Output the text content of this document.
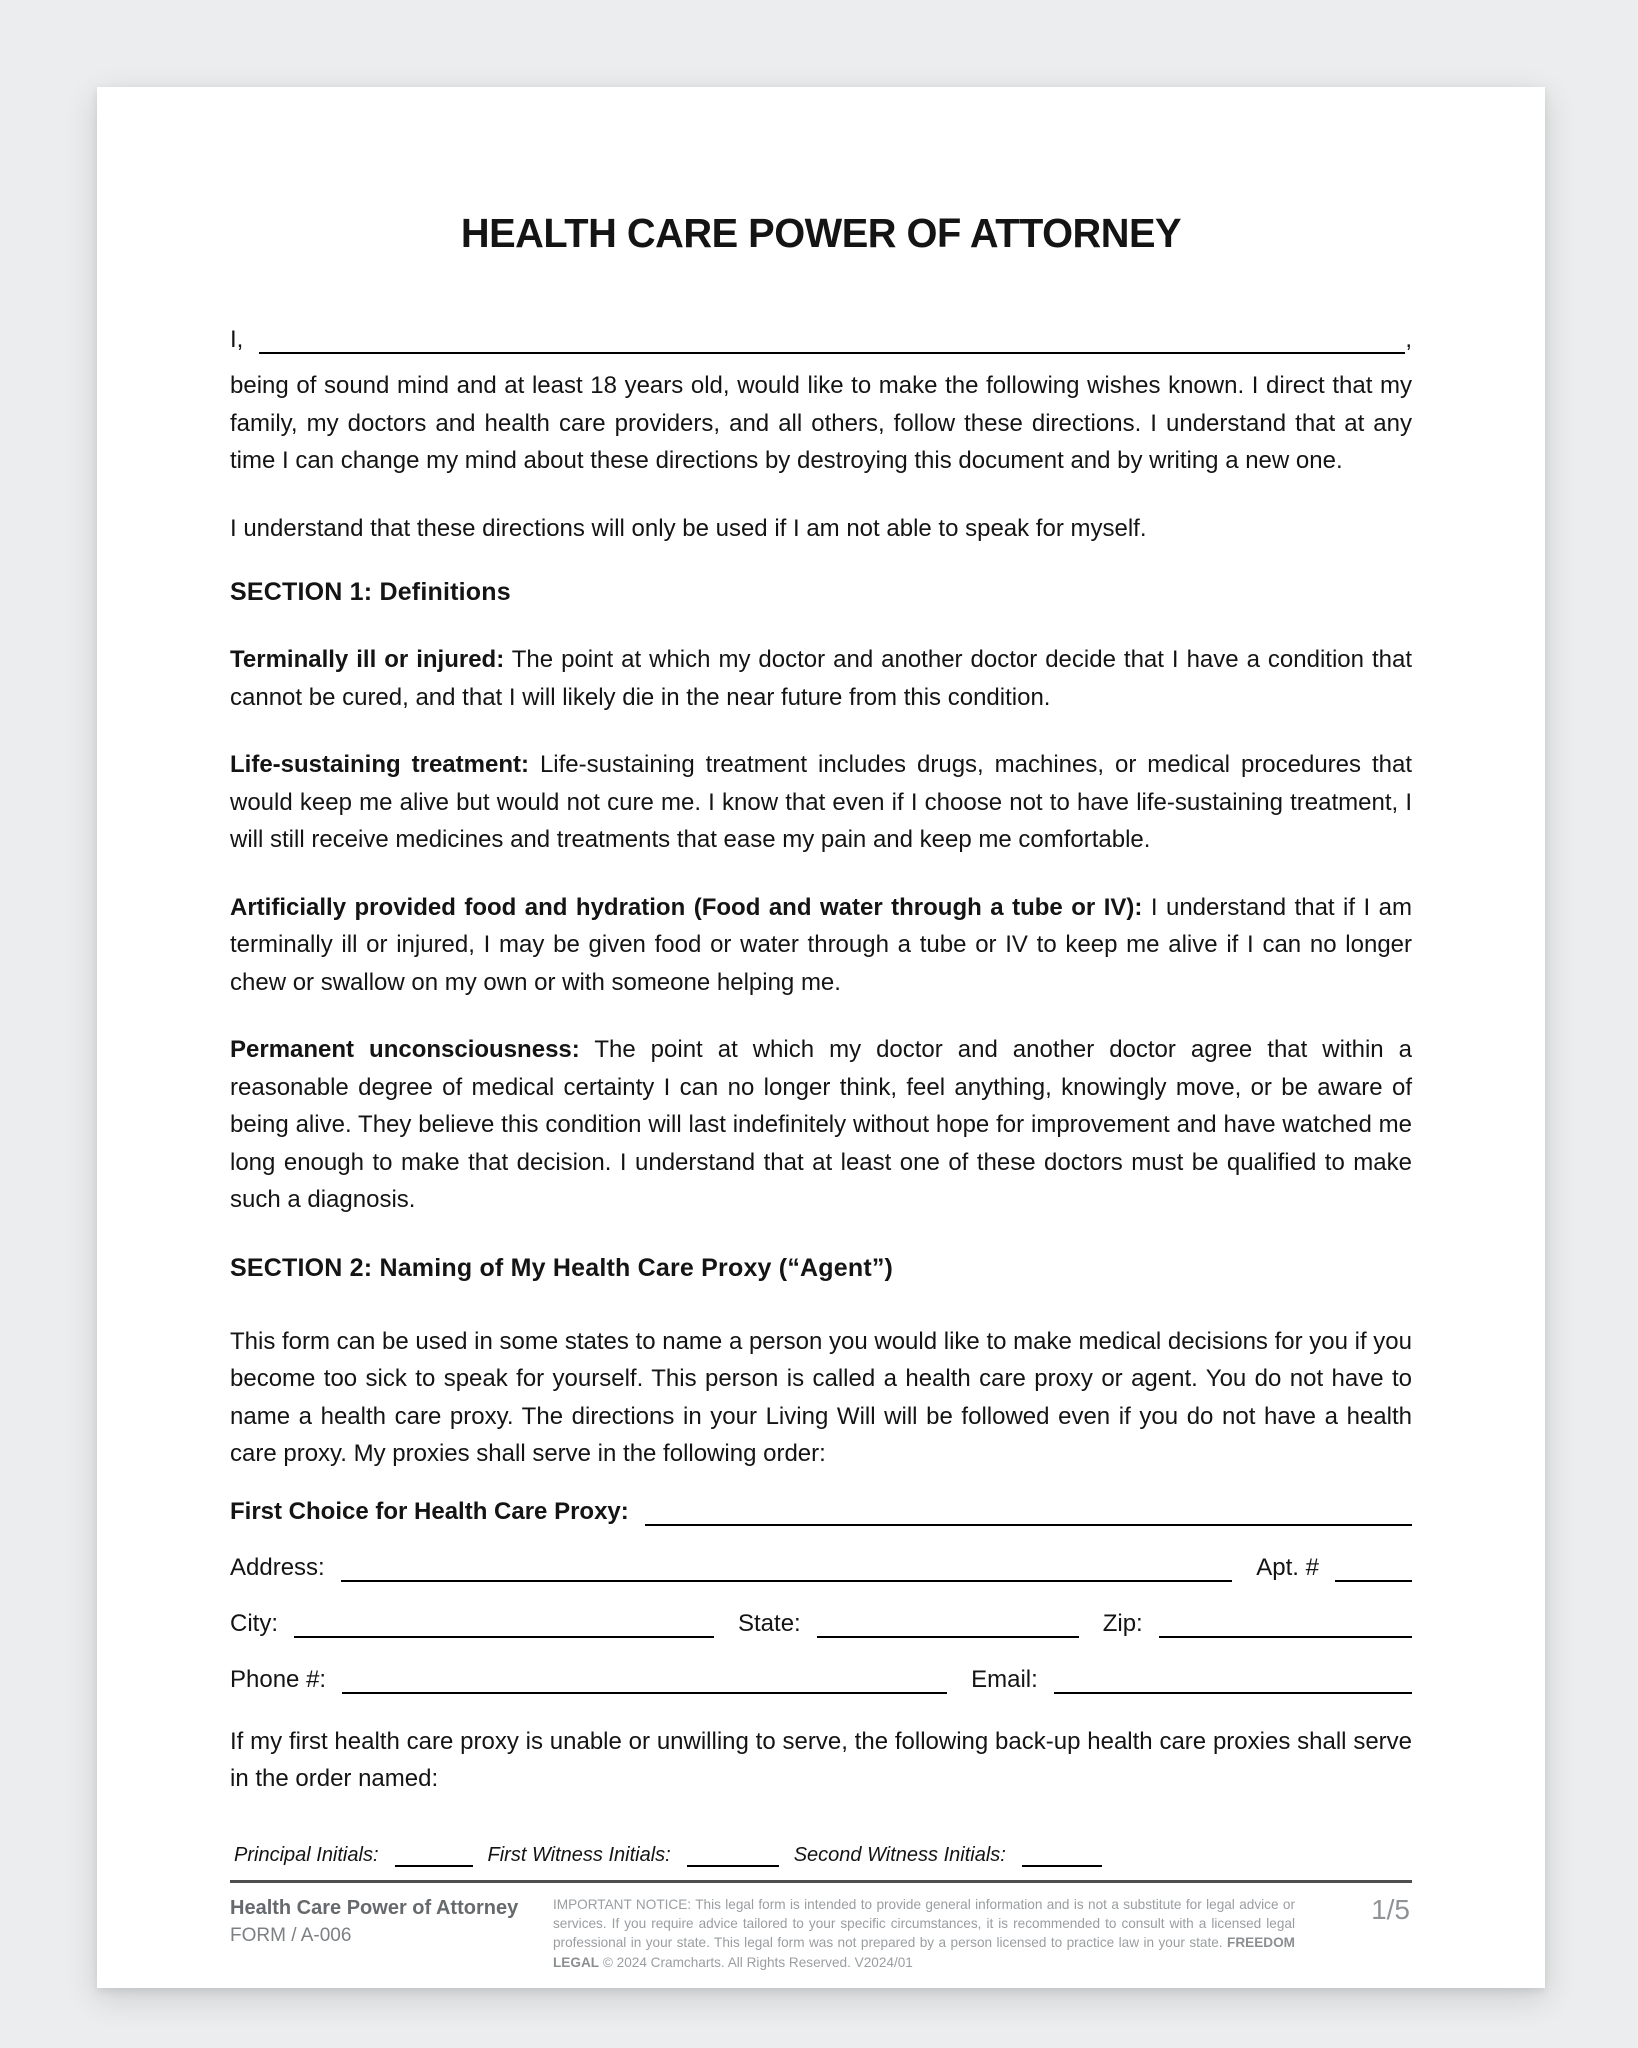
HEALTH CARE POWER OF ATTORNEY
I,	,

being of sound mind and at least 18 years old, would like to make the following wishes known. I direct that my family, my doctors and health care providers, and all others, follow these directions. I understand that at any time I can change my mind about these directions by destroying this document and by writing a new one.

I understand that these directions will only be used if I am not able to speak for myself.

SECTION 1: Definitions

Terminally ill or injured: The point at which my doctor and another doctor decide that I have a condition that cannot be cured, and that I will likely die in the near future from this condition.

Life-sustaining treatment: Life-sustaining treatment includes drugs, machines, or medical procedures that would keep me alive but would not cure me. I know that even if I choose not to have life-sustaining treatment, I will still receive medicines and treatments that ease my pain and keep me comfortable.

Artificially provided food and hydration (Food and water through a tube or IV): I understand that if I am terminally ill or injured, I may be given food or water through a tube or IV to keep me alive if I can no longer chew or swallow on my own or with someone helping me.

Permanent unconsciousness: The point at which my doctor and another doctor agree that within a reasonable degree of medical certainty I can no longer think, feel anything, knowingly move, or be aware of being alive. They believe this condition will last indefinitely without hope for improvement and have watched me long enough to make that decision. I understand that at least one of these doctors must be qualified to make such a diagnosis.

SECTION 2: Naming of My Health Care Proxy (“Agent”)

This form can be used in some states to name a person you would like to make medical decisions for you if you become too sick to speak for yourself. This person is called a health care proxy or agent. You do not have to name a health care proxy. The directions in your Living Will will be followed even if you do not have a health care proxy. My proxies shall serve in the following order:

First Choice for Health Care Proxy:
Address:	Apt. #
City:	State:	Zip:
Phone #:	Email:

If my first health care proxy is unable or unwilling to serve, the following back-up health care proxies shall serve in the order named:

Principal Initials:	First Witness Initials:	Second Witness Initials:
Health Care Power of Attorney
FORM / A-006
IMPORTANT NOTICE: This legal form is intended to provide general information and is not a substitute for legal advice or services. If you require advice tailored to your specific circumstances, it is recommended to consult with a licensed legal professional in your state. This legal form was not prepared by a person licensed to practice law in your state. FREEDOM LEGAL © 2024 Cramcharts. All Rights Reserved. V2024/01
1/5
